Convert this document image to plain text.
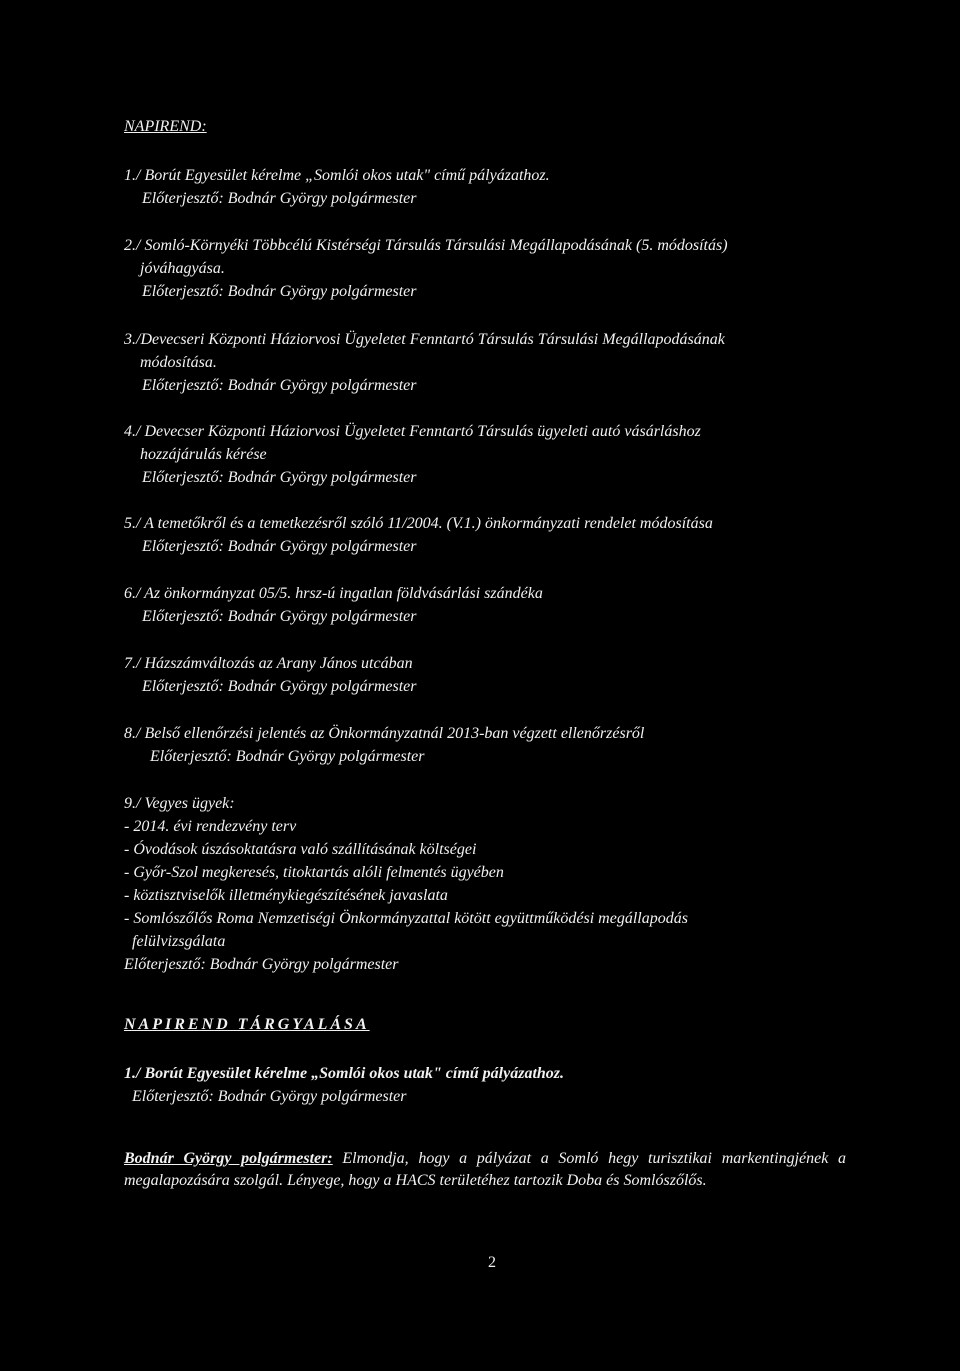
NAPIREND:
1./ Borút Egyesület kérelme „Somlói okos utak" című pályázathoz.
Előterjesztő: Bodnár György polgármester
2./ Somló-Környéki Többcélú Kistérségi Társulás Társulási Megállapodásának (5. módosítás)
jóváhagyása.
Előterjesztő: Bodnár György polgármester
3./Devecseri Központi Háziorvosi Ügyeletet Fenntartó Társulás Társulási Megállapodásának
módosítása.
Előterjesztő: Bodnár György polgármester
4./ Devecser Központi Háziorvosi Ügyeletet Fenntartó Társulás ügyeleti autó vásárláshoz
hozzájárulás kérése
Előterjesztő: Bodnár György polgármester
5./ A temetőkről és a temetkezésről szóló 11/2004. (V.1.) önkormányzati rendelet módosítása
Előterjesztő: Bodnár György polgármester
6./ Az önkormányzat 05/5. hrsz-ú ingatlan földvásárlási szándéka
Előterjesztő: Bodnár György polgármester
7./ Házszámváltozás az Arany János utcában
Előterjesztő: Bodnár György polgármester
8./ Belső ellenőrzési jelentés az Önkormányzatnál 2013-ban végzett ellenőrzésről
Előterjesztő: Bodnár György polgármester
9./ Vegyes ügyek:
- 2014. évi rendezvény terv
- Óvodások úszásoktatásra való szállításának költségei
- Győr-Szol megkeresés, titoktartás alóli felmentés ügyében
- köztisztviselők illetménykiegészítésének javaslata
- Somlószőlős Roma Nemzetiségi Önkormányzattal kötött együttműködési megállapodás
felülvizsgálata
Előterjesztő: Bodnár György polgármester
NAPIREND TÁRGYALÁSA
1./ Borút Egyesület kérelme „Somlói okos utak" című pályázathoz.
Előterjesztő: Bodnár György polgármester
Bodnár György polgármester: Elmondja, hogy a pályázat a Somló hegy turisztikai markentingjének a megalapozására szolgál. Lényege, hogy a HACS területéhez tartozik Doba és Somlószőlős.
2
